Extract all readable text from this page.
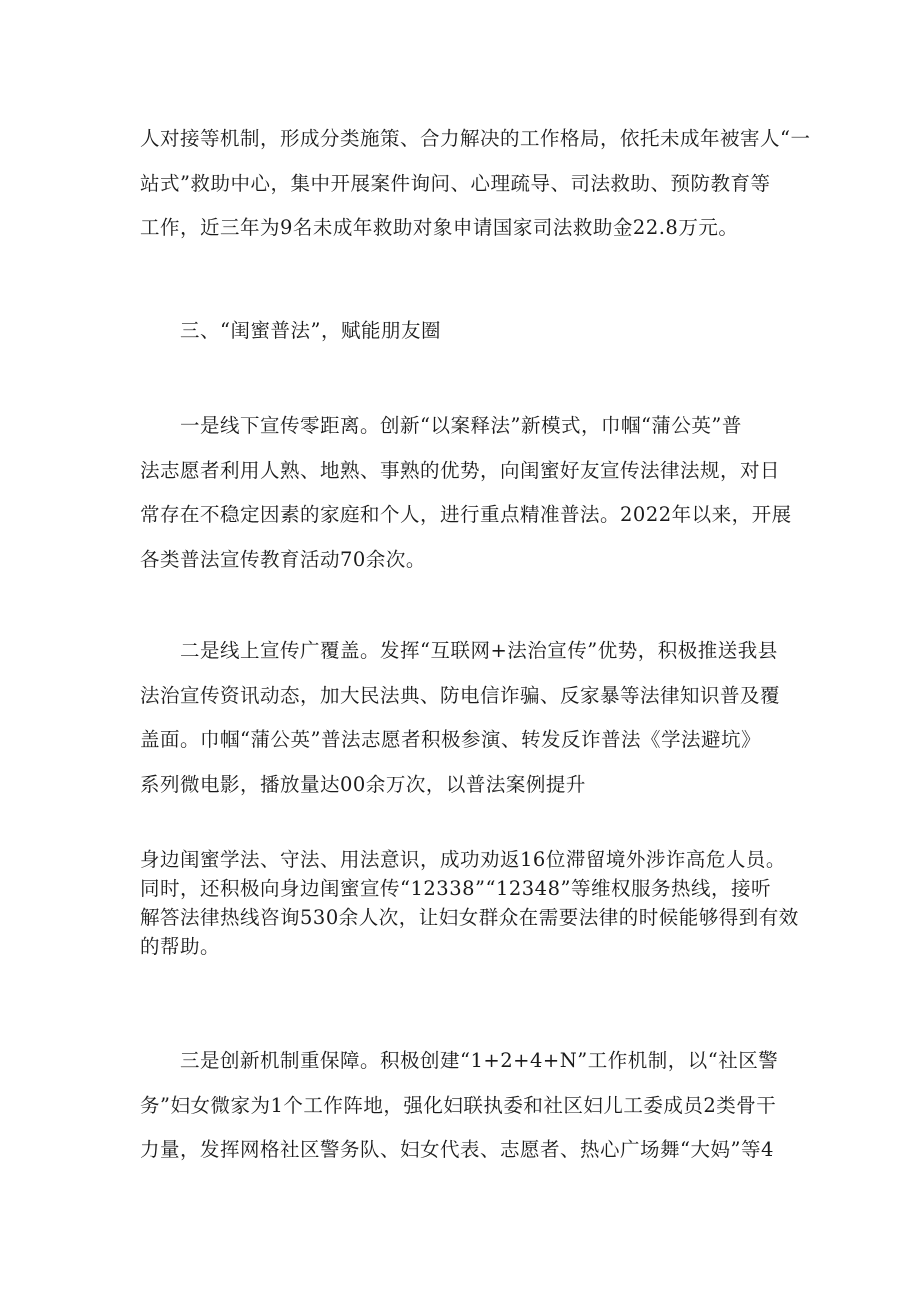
人对接等机制，形成分类施策、合力解决的工作格局，依托未成年被害人“一
站式”救助中心，集中开展案件询问、心理疏导、司法救助、预防教育等
工作，近三年为9名未成年救助对象申请国家司法救助金22.8万元。
三、“闺蜜普法”，赋能朋友圈
一是线下宣传零距离。创新“以案释法”新模式，巾帼“蒲公英”普
法志愿者利用人熟、地熟、事熟的优势，向闺蜜好友宣传法律法规，对日
常存在不稳定因素的家庭和个人，进行重点精准普法。2022年以来，开展
各类普法宣传教育活动70余次。
二是线上宣传广覆盖。发挥“互联网+法治宣传”优势，积极推送我县
法治宣传资讯动态，加大民法典、防电信诈骗、反家暴等法律知识普及覆
盖面。巾帼“蒲公英”普法志愿者积极参演、转发反诈普法《学法避坑》
系列微电影，播放量达00余万次，以普法案例提升
身边闺蜜学法、守法、用法意识，成功劝返16位滞留境外涉诈高危人员。
同时，还积极向身边闺蜜宣传“12338”“12348”等维权服务热线，接听
解答法律热线咨询530余人次，让妇女群众在需要法律的时候能够得到有效
的帮助。
三是创新机制重保障。积极创建“1+2+4+N”工作机制，以“社区警
务”妇女微家为1个工作阵地，强化妇联执委和社区妇儿工委成员2类骨干
力量，发挥网格社区警务队、妇女代表、志愿者、热心广场舞“大妈”等4
